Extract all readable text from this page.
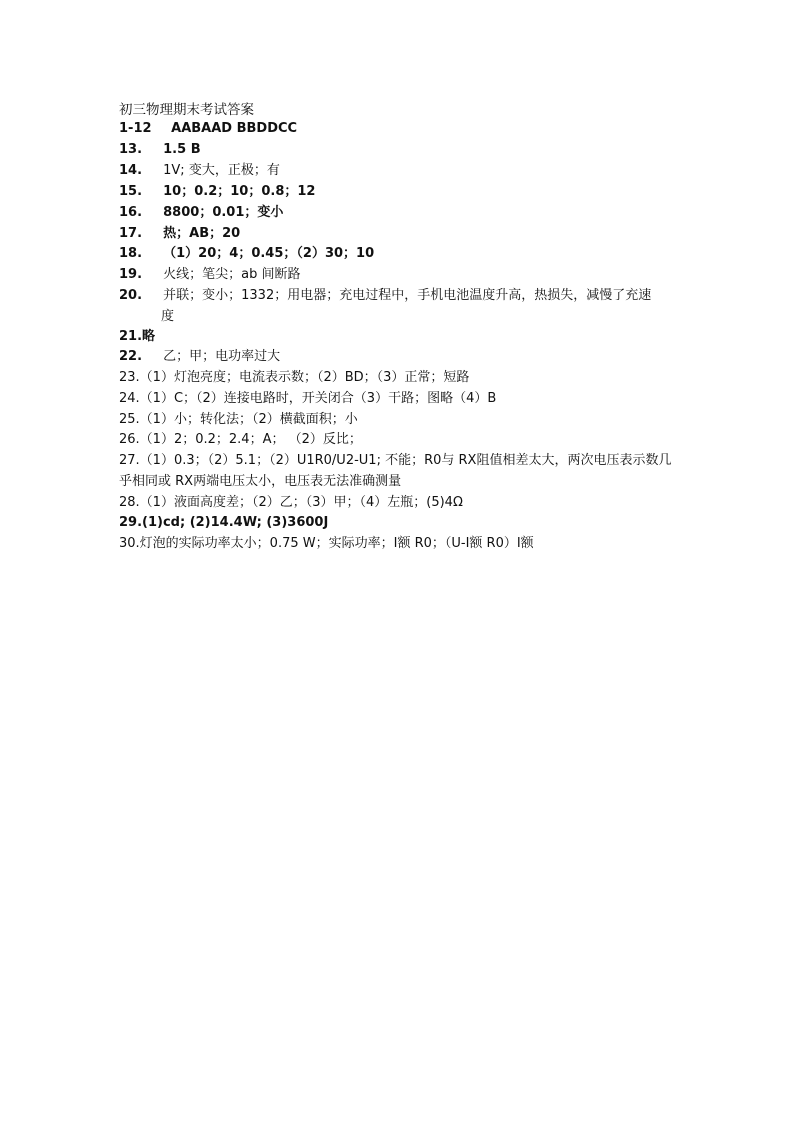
初三物理期末考试答案
1-12 AABAAD BBDDCC
13. 1.5 B
14. 1V; 变大，正极；有
15. 10；0.2；10；0.8；12
16. 8800；0.01；变小
17. 热；AB；20
18. （1）20；4；0.45；（2）30；10
19. 火线；笔尖；ab 间断路
20. 并联；变小；1332；用电器；充电过程中，手机电池温度升高，热损失，减慢了充速
度
21.略
22. 乙；甲；电功率过大
23.（1）灯泡亮度；电流表示数；（2）BD；（3）正常；短路
24.（1）C；（2）连接电路时，开关闭合（3）干路；图略（4）B
25.（1）小；转化法；（2）横截面积；小
26.（1）2；0.2；2.4；A； （2）反比；
27.（1）0.3；（2）5.1；（2）U1R0/U2-U1; 不能；R0与 RX阻值相差太大，两次电压表示数几
乎相同或 RX两端电压太小，电压表无法准确测量
28.（1）液面高度差；（2）乙；（3）甲；（4）左瓶；(5)4Ω
29.(1)cd; (2)14.4W; (3)3600J
30.灯泡的实际功率太小；0.75 W；实际功率；I额 R0；（U-I额 R0）I额
